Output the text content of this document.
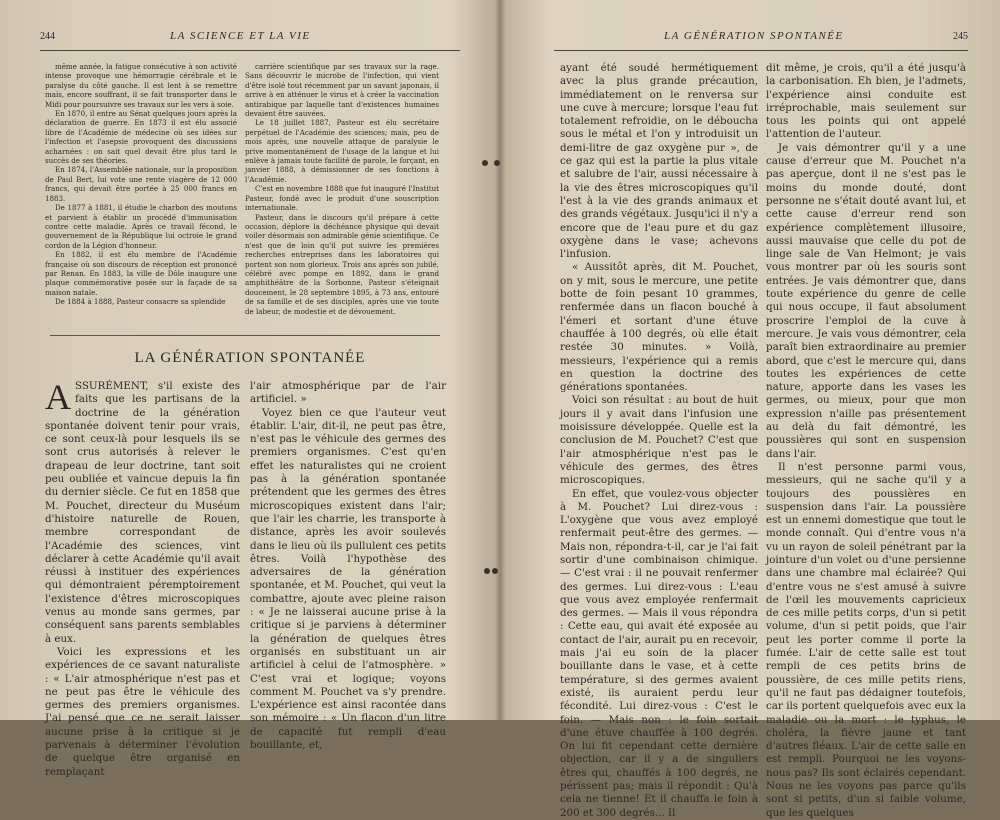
244	LA SCIENCE ET LA VIE

même année, la fatigue consécutive à son activité intense provoque une hémorragie cérébrale et le paralyse du côté gauche. Il est lent à se remettre mais, encore souffrant, il se fait transporter dans le Midi pour poursuivre ses travaux sur les vers à soie.

En 1870, il entre au Sénat quelques jours après la déclaration de guerre. En 1873 il est élu associé libre de l'Académie de médecine où ses idées sur l'infection et l'asepsie provoquent des discussions acharnées : on sait quel devait être plus tard le succès de ses théories.

En 1874, l'Assemblée nationale, sur la proposition de Paul Bert, lui vote une rente viagère de 12 000 francs, qui devait être portée à 25 000 francs en 1883.

De 1877 à 1881, il étudie le charbon des moutons et parvient à établir un procédé d'immunisation contre cette maladie. Après ce travail fécond, le gouvernement de la République lui octroie le grand cordon de la Légion d'honneur.

En 1882, il est élu membre de l'Académie française où son discours de réception est prononcé par Renan. En 1883, la ville de Dôle inaugure une plaque commémorative posée sur la façade de sa maison natale.

De 1884 à 1888, Pasteur consacre sa splendide

carrière scientifique par ses travaux sur la rage. Sans découvrir le microbe de l'infection, qui vient d'être isolé tout récemment par un savant japonais, il arrive à en atténuer le virus et à créer la vaccination antirabique par laquelle tant d'existences humaines devaient être sauvées.

Le 18 juillet 1887, Pasteur est élu secrétaire perpétuel de l'Académie des sciences; mais, peu de mois après, une nouvelle attaque de paralysie le prive momentanément de l'usage de la langue et lui enlève à jamais toute facilité de parole, le forçant, en janvier 1888, à démissionner de ses fonctions à l'Académie.

C'est en novembre 1888 que fut inauguré l'Institut Pasteur, fondé avec le produit d'une souscription internationale.

Pasteur, dans le discours qu'il prépare à cette occasion, déplore la déchéance physique qui devait voiler désormais son admirable génie scientifique. Ce n'est que de loin qu'il put suivre les premières recherches entreprises dans les laboratoires qui portent son nom glorieux. Trois ans après son jubilé, célébré avec pompe en 1892, dans le grand amphithéâtre de la Sorbonne, Pasteur s'éteignait doucement, le 28 septembre 1895, à 73 ans, entouré de sa famille et de ses disciples, après une vie toute de labeur, de modestie et de dévouement.

LA GÉNÉRATION SPONTANÉE

ASSURÉMENT, s'il existe des faits que les partisans de la doctrine de la génération spontanée doivent tenir pour vrais, ce sont ceux-là pour lesquels ils se sont crus autorisés à relever le drapeau de leur doctrine, tant soit peu oubliée et vaincue depuis la fin du dernier siècle. Ce fut en 1858 que M. Pouchet, directeur du Muséum d'histoire naturelle de Rouen, membre correspondant de l'Académie des sciences, vint déclarer à cette Académie qu'il avait réussi à instituer des expériences qui démontraient péremptoirement l'existence d'êtres microscopiques venus au monde sans germes, par conséquent sans parents semblables à eux.

Voici les expressions et les expériences de ce savant naturaliste : « L'air atmosphérique n'est pas et ne peut pas être le véhicule des germes des premiers organismes. J'ai pensé que ce ne serait laisser aucune prise à la critique si je parvenais à déterminer l'évolution de quelque être organisé en remplaçant

l'air atmosphérique par de l'air artificiel. »

Voyez bien ce que l'auteur veut établir. L'air, dit-il, ne peut pas être, n'est pas le véhicule des germes des premiers organismes. C'est qu'en effet les naturalistes qui ne croient pas à la génération spontanée prétendent que les germes des êtres microscopiques existent dans l'air; que l'air les charrie, les transporte à distance, après les avoir soulevés dans le lieu où ils pullulent ces petits êtres. Voilà l'hypothèse des adversaires de la génération spontanée, et M. Pouchet, qui veut la combattre, ajoute avec pleine raison : « Je ne laisserai aucune prise à la critique si je parviens à déterminer la génération de quelques êtres organisés en substituant un air artificiel à celui de l'atmosphère. » C'est vrai et logique; voyons comment M. Pouchet va s'y prendre. L'expérience est ainsi racontée dans son mémoire : « Un flacon d'un litre de capacité fut rempli d'eau bouillante, et,

LA GÉNÉRATION SPONTANÉE	245

ayant été soudé hermétiquement avec la plus grande précaution, immédiatement on le renversa sur une cuve à mercure; lorsque l'eau fut totalement refroidie, on le déboucha sous le métal et l'on y introduisit un demi-litre de gaz oxygène pur », de ce gaz qui est la partie la plus vitale et salubre de l'air, aussi nécessaire à la vie des êtres microscopiques qu'il l'est à la vie des grands animaux et des grands végétaux. Jusqu'ici il n'y a encore que de l'eau pure et du gaz oxygène dans le vase; achevons l'infusion.

« Aussitôt après, dit M. Pouchet, on y mit, sous le mercure, une petite botte de foin pesant 10 grammes, renfermée dans un flacon bouché à l'émeri et sortant d'une étuve chauffée à 100 degrés, où elle était restée 30 minutes. » Voilà, messieurs, l'expérience qui a remis en question la doctrine des générations spontanées.

Voici son résultat : au bout de huit jours il y avait dans l'infusion une moisissure développée. Quelle est la conclusion de M. Pouchet? C'est que l'air atmosphérique n'est pas le véhicule des germes, des êtres microscopiques.

En effet, que voulez-vous objecter à M. Pouchet? Lui direz-vous : L'oxygène que vous avez employé renfermait peut-être des germes. — Mais non, répondra-t-il, car je l'ai fait sortir d'une combinaison chimique. — C'est vrai : il ne pouvait renfermer des germes. Lui direz-vous : L'eau que vous avez employée renfermait des germes. — Mais il vous répondra : Cette eau, qui avait été exposée au contact de l'air, aurait pu en recevoir, mais j'ai eu soin de la placer bouillante dans le vase, et à cette température, si des germes avaient existé, ils auraient perdu leur fécondité. Lui direz-vous : C'est le foin. — Mais non : le foin sortait d'une étuve chauffée à 100 degrés. On lui fit cependant cette dernière objection, car il y a de singuliers êtres qui, chauffés à 100 degrés, ne périssent pas; mais il répondit : Qu'à cela ne tienne! Et il chauffa le foin à 200 et 300 degrés... Il

dit même, je crois, qu'il a été jusqu'à la carbonisation. Eh bien, je l'admets, l'expérience ainsi conduite est irréprochable, mais seulement sur tous les points qui ont appelé l'attention de l'auteur.

Je vais démontrer qu'il y a une cause d'erreur que M. Pouchet n'a pas aperçue, dont il ne s'est pas le moins du monde douté, dont personne ne s'était douté avant lui, et cette cause d'erreur rend son expérience complètement illusoire, aussi mauvaise que celle du pot de linge sale de Van Helmont; je vais vous montrer par où les souris sont entrées. Je vais démontrer que, dans toute expérience du genre de celle qui nous occupe, il faut absolument proscrire l'emploi de la cuve à mercure. Je vais vous démontrer, cela paraît bien extraordinaire au premier abord, que c'est le mercure qui, dans toutes les expériences de cette nature, apporte dans les vases les germes, ou mieux, pour que mon expression n'aille pas présentement au delà du fait démontré, les poussières qui sont en suspension dans l'air.

Il n'est personne parmi vous, messieurs, qui ne sache qu'il y a toujours des poussières en suspension dans l'air. La poussière est un ennemi domestique que tout le monde connaît. Qui d'entre vous n'a vu un rayon de soleil pénétrant par la jointure d'un volet ou d'une persienne dans une chambre mal éclairée? Qui d'entre vous ne s'est amusé à suivre de l'œil les mouvements capricieux de ces mille petits corps, d'un si petit volume, d'un si petit poids, que l'air peut les porter comme il porte la fumée. L'air de cette salle est tout rempli de ces petits brins de poussière, de ces mille petits riens, qu'il ne faut pas dédaigner toutefois, car ils portent quelquefois avec eux la maladie ou la mort : le typhus, le choléra, la fièvre jaune et tant d'autres fléaux. L'air de cette salle en est rempli. Pourquoi ne les voyons-nous pas? Ils sont éclairés cependant. Nous ne les voyons pas parce qu'ils sont si petits, d'un si faible volume, que les quelques
